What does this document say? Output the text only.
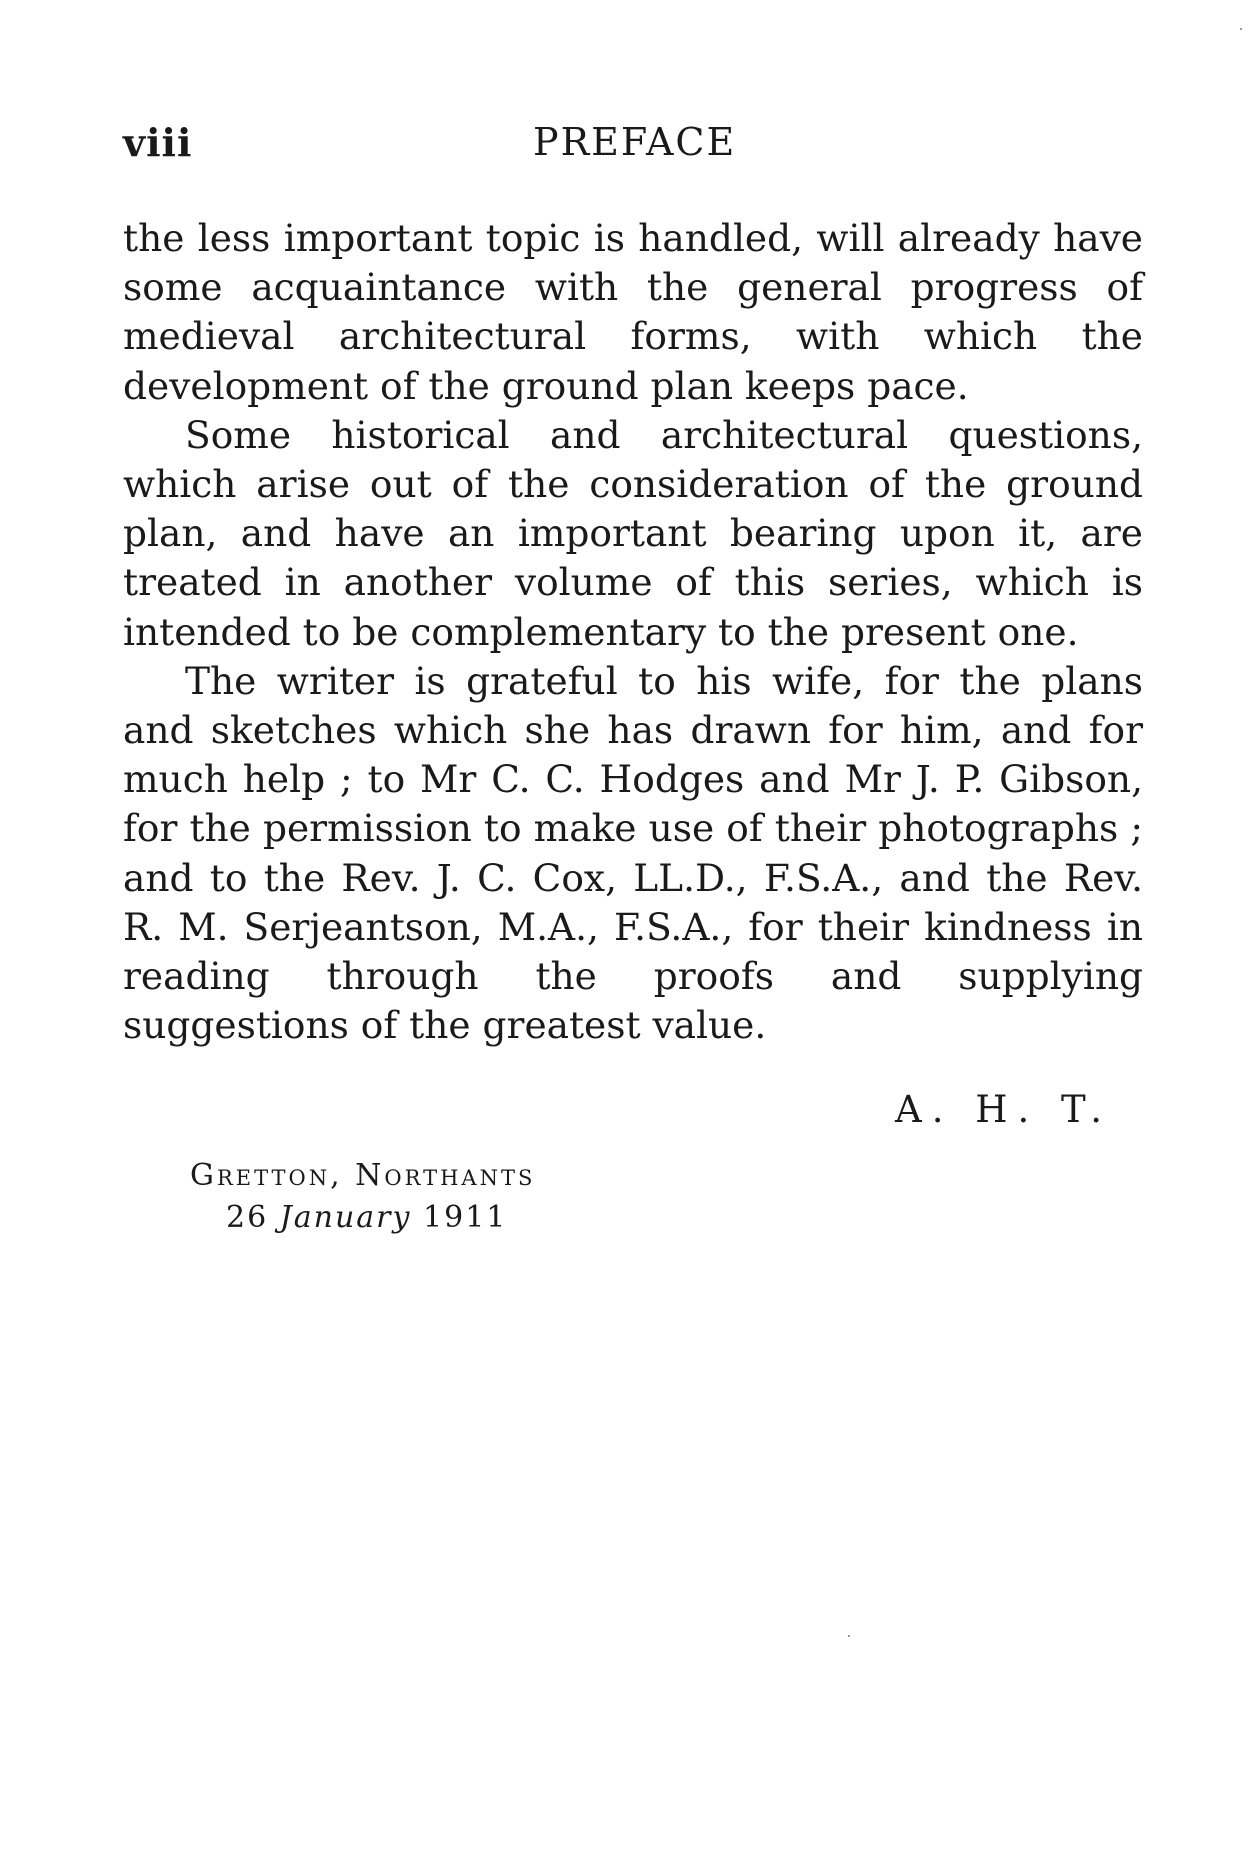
viii	PREFACE

the less important topic is handled, will already have some acquaintance with the general progress of medieval architectural forms, with which the development of the ground plan keeps pace.

Some historical and architectural questions, which arise out of the consideration of the ground plan, and have an important bearing upon it, are treated in another volume of this series, which is intended to be complementary to the present one.

The writer is grateful to his wife, for the plans and sketches which she has drawn for him, and for much help ; to Mr C. C. Hodges and Mr J. P. Gibson, for the permission to make use of their photographs ; and to the Rev. J. C. Cox, LL.D., F.S.A., and the Rev. R. M. Serjeantson, M.A., F.S.A., for their kindness in reading through the proofs and supplying suggestions of the greatest value.

A. H. T.
Gretton, Northants
26 January 1911
